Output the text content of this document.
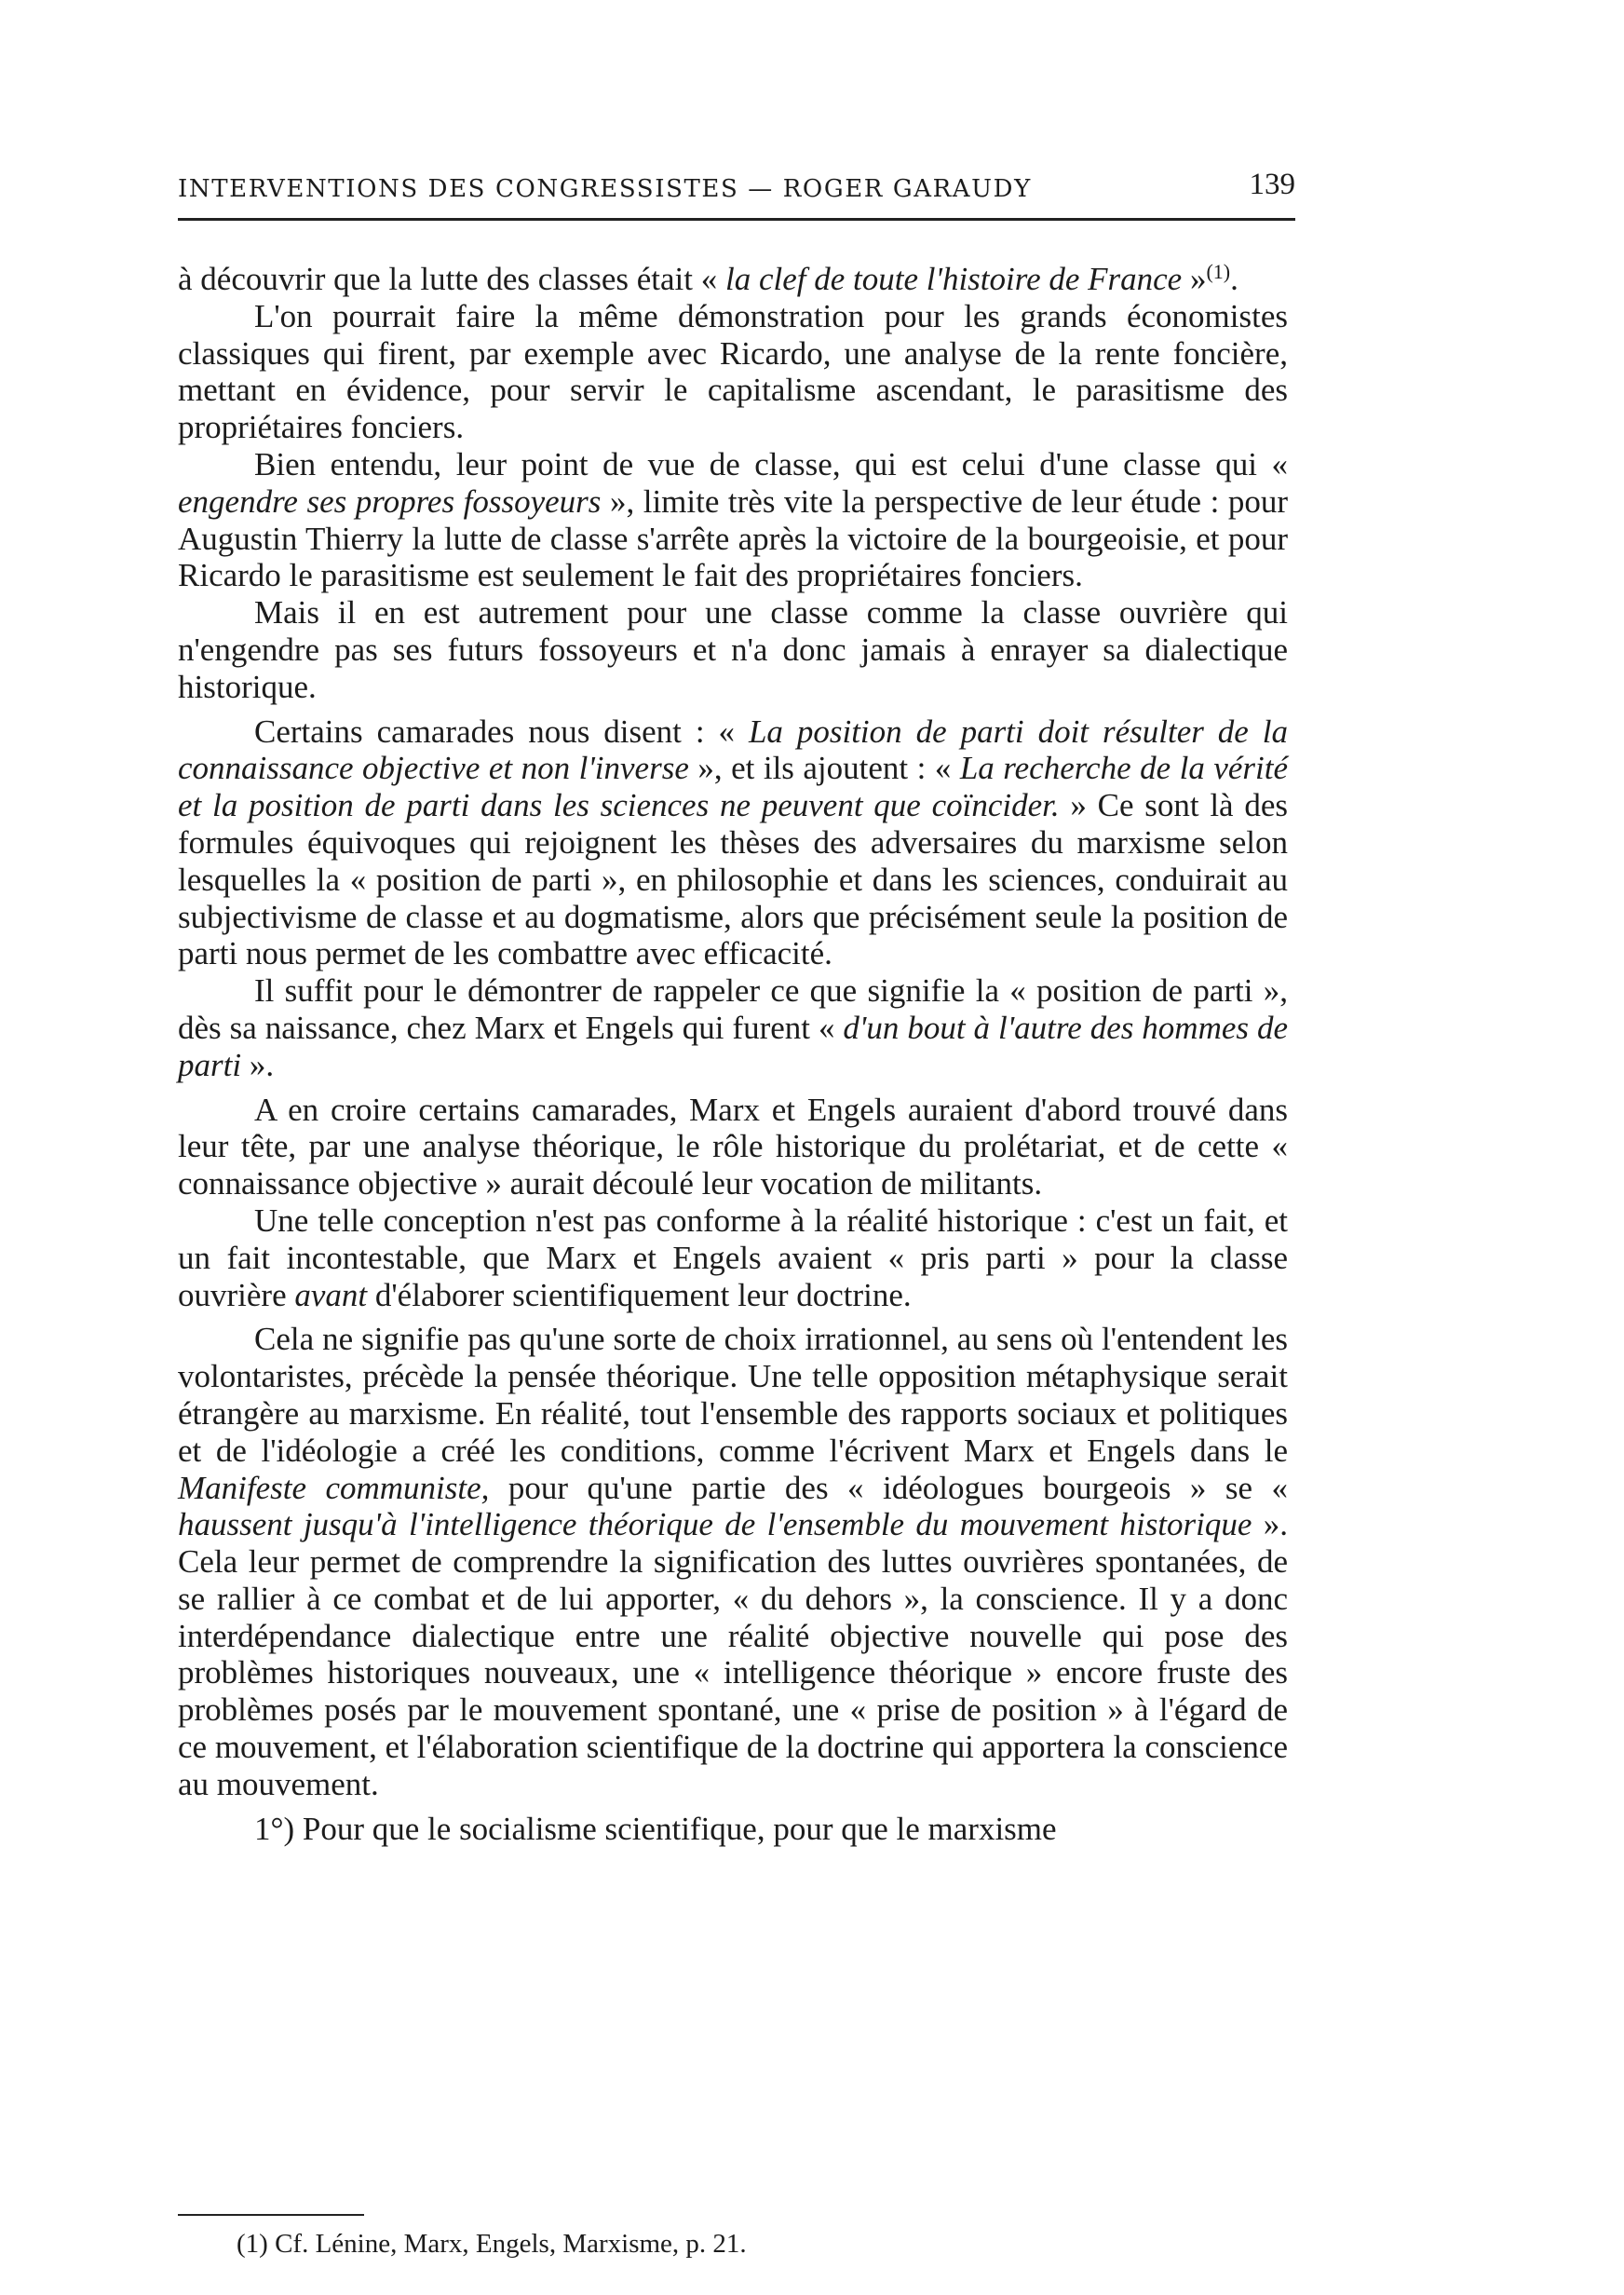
INTERVENTIONS DES CONGRESSISTES — ROGER GARAUDY	139

à découvrir que la lutte des classes était « la clef de toute l'histoire de France »$^{(1)}$.

L'on pourrait faire la même démonstration pour les grands économistes classiques qui firent, par exemple avec Ricardo, une analyse de la rente foncière, mettant en évidence, pour servir le capitalisme ascendant, le parasitisme des propriétaires fonciers.

Bien entendu, leur point de vue de classe, qui est celui d'une classe qui « engendre ses propres fossoyeurs », limite très vite la perspective de leur étude : pour Augustin Thierry la lutte de classe s'arrête après la victoire de la bourgeoisie, et pour Ricardo le parasitisme est seulement le fait des propriétaires fonciers.

Mais il en est autrement pour une classe comme la classe ouvrière qui n'engendre pas ses futurs fossoyeurs et n'a donc jamais à enrayer sa dialectique historique.

Certains camarades nous disent : « La position de parti doit résulter de la connaissance objective et non l'inverse », et ils ajoutent : « La recherche de la vérité et la position de parti dans les sciences ne peuvent que coïncider. » Ce sont là des formules équivoques qui rejoignent les thèses des adversaires du marxisme selon lesquelles la « position de parti », en philosophie et dans les sciences, conduirait au subjectivisme de classe et au dogmatisme, alors que précisément seule la position de parti nous permet de les combattre avec efficacité.

Il suffit pour le démontrer de rappeler ce que signifie la « position de parti », dès sa naissance, chez Marx et Engels qui furent « d'un bout à l'autre des hommes de parti ».

A en croire certains camarades, Marx et Engels auraient d'abord trouvé dans leur tête, par une analyse théorique, le rôle historique du prolétariat, et de cette « connaissance objective » aurait découlé leur vocation de militants.

Une telle conception n'est pas conforme à la réalité historique : c'est un fait, et un fait incontestable, que Marx et Engels avaient « pris parti » pour la classe ouvrière avant d'élaborer scientifiquement leur doctrine.

Cela ne signifie pas qu'une sorte de choix irrationnel, au sens où l'entendent les volontaristes, précède la pensée théorique. Une telle opposition métaphysique serait étrangère au marxisme. En réalité, tout l'ensemble des rapports sociaux et politiques et de l'idéologie a créé les conditions, comme l'écrivent Marx et Engels dans le Manifeste communiste, pour qu'une partie des « idéologues bourgeois » se « haussent jusqu'à l'intelligence théorique de l'ensemble du mouvement historique ». Cela leur permet de comprendre la signification des luttes ouvrières spontanées, de se rallier à ce combat et de lui apporter, « du dehors », la conscience. Il y a donc interdépendance dialectique entre une réalité objective nouvelle qui pose des problèmes historiques nouveaux, une « intelligence théorique » encore fruste des problèmes posés par le mouvement spontané, une « prise de position » à l'égard de ce mouvement, et l'élaboration scientifique de la doctrine qui apportera la conscience au mouvement.

1°) Pour que le socialisme scientifique, pour que le marxisme

(1) Cf. Lénine, Marx, Engels, Marxisme, p. 21.
